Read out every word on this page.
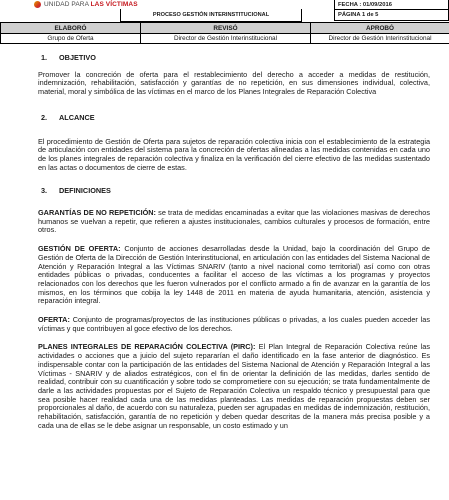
UNIDAD PARA LAS VÍCTIMAS
PROCESO GESTIÓN INTERINSTITUCIONAL
FECHA : 01/09/2016
PÁGINA 1 de 5
ELABORÓ	REVISÓ	APROBÓ
Grupo de Oferta	Director de Gestión Interinstitucional	Director de Gestión Interinstitucional
1. OBJETIVO

Promover la concreción de oferta para el restablecimiento del derecho a acceder a medidas de restitución, indemnización, rehabilitación, satisfacción y garantías de no repetición, en sus dimensiones individual, colectiva, material, moral y simbólica de las víctimas en el marco de los Planes Integrales de Reparación Colectiva

2. ALCANCE

El procedimiento de Gestión de Oferta para sujetos de reparación colectiva inicia con el establecimiento de la estrategia de articulación con entidades del sistema para la concreción de ofertas alineadas a las medidas contenidas en cada uno de los planes integrales de reparación colectiva y finaliza en la verificación del cierre efectivo de las medidas sustentado en las actas o documentos de cierre de estas.

3. DEFINICIONES

GARANTÍAS DE NO REPETICIÓN: se trata de medidas encaminadas a evitar que las violaciones masivas de derechos humanos se vuelvan a repetir, que refieren a ajustes institucionales, cambios culturales y procesos de formación, entre otros.

GESTIÓN DE OFERTA: Conjunto de acciones desarrolladas desde la Unidad, bajo la coordinación del Grupo de Gestión de Oferta de la Dirección de Gestión Interinstitucional, en articulación con las entidades del Sistema Nacional de Atención y Reparación Integral a las Víctimas SNARIV (tanto a nivel nacional como territorial) así como con otras entidades públicas o privadas, conducentes a facilitar el acceso de las víctimas a los programas y proyectos relacionados con los derechos que les fueron vulnerados por el conflicto armado a fin de avanzar en la garantía de los mismos, en los términos que cobija la ley 1448 de 2011 en materia de ayuda humanitaria, atención, asistencia y reparación integral.

OFERTA: Conjunto de programas/proyectos de las instituciones públicas o privadas, a los cuales pueden acceder las víctimas y que contribuyen al goce efectivo de los derechos.

PLANES INTEGRALES DE REPARACIÓN COLECTIVA (PIRC): El Plan Integral de Reparación Colectiva reúne las actividades o acciones que a juicio del sujeto repararían el daño identificado en la fase anterior de diagnóstico. Es indispensable contar con la participación de las entidades del Sistema Nacional de Atención y Reparación Integral a las Víctimas - SNARIV y de aliados estratégicos, con el fin de orientar la definición de las medidas, darles sentido de realidad, contribuir con su cuantificación y sobre todo se comprometiere con su ejecución; se trata fundamentalmente de darle a las actividades propuestas por el Sujeto de Reparación Colectiva un respaldo técnico y presupuestal para que sea posible hacer realidad cada una de las medidas planteadas. Las medidas de reparación propuestas deben ser proporcionales al daño, de acuerdo con su naturaleza, pueden ser agrupadas en medidas de indemnización, restitución, rehabilitación, satisfacción, garantía de no repetición y deben quedar descritas de la manera más precisa posible y a cada una de ellas se le debe asignar un responsable, un costo estimado y un
